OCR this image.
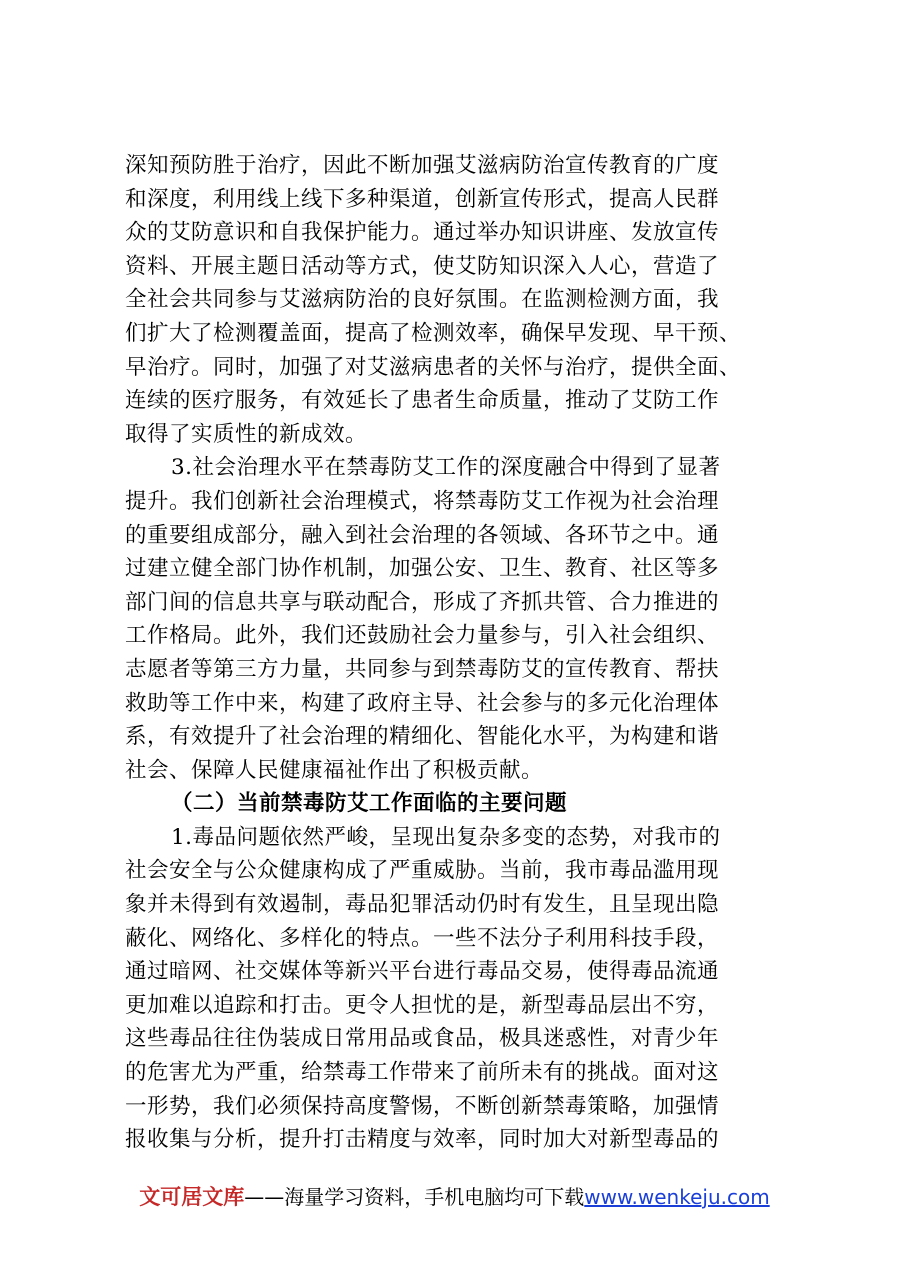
深知预防胜于治疗，因此不断加强艾滋病防治宣传教育的广度
和深度，利用线上线下多种渠道，创新宣传形式，提高人民群
众的艾防意识和自我保护能力。通过举办知识讲座、发放宣传
资料、开展主题日活动等方式，使艾防知识深入人心，营造了
全社会共同参与艾滋病防治的良好氛围。在监测检测方面，我
们扩大了检测覆盖面，提高了检测效率，确保早发现、早干预、
早治疗。同时，加强了对艾滋病患者的关怀与治疗，提供全面、
连续的医疗服务，有效延长了患者生命质量，推动了艾防工作
取得了实质性的新成效。
3.社会治理水平在禁毒防艾工作的深度融合中得到了显著
提升。我们创新社会治理模式，将禁毒防艾工作视为社会治理
的重要组成部分，融入到社会治理的各领域、各环节之中。通
过建立健全部门协作机制，加强公安、卫生、教育、社区等多
部门间的信息共享与联动配合，形成了齐抓共管、合力推进的
工作格局。此外，我们还鼓励社会力量参与，引入社会组织、
志愿者等第三方力量，共同参与到禁毒防艾的宣传教育、帮扶
救助等工作中来，构建了政府主导、社会参与的多元化治理体
系，有效提升了社会治理的精细化、智能化水平，为构建和谐
社会、保障人民健康福祉作出了积极贡献。
（二）当前禁毒防艾工作面临的主要问题
1.毒品问题依然严峻，呈现出复杂多变的态势，对我市的
社会安全与公众健康构成了严重威胁。当前，我市毒品滥用现
象并未得到有效遏制，毒品犯罪活动仍时有发生，且呈现出隐
蔽化、网络化、多样化的特点。一些不法分子利用科技手段，
通过暗网、社交媒体等新兴平台进行毒品交易，使得毒品流通
更加难以追踪和打击。更令人担忧的是，新型毒品层出不穷，
这些毒品往往伪装成日常用品或食品，极具迷惑性，对青少年
的危害尤为严重，给禁毒工作带来了前所未有的挑战。面对这
一形势，我们必须保持高度警惕，不断创新禁毒策略，加强情
报收集与分析，提升打击精度与效率，同时加大对新型毒品的
文可居文库——海量学习资料，手机电脑均可下载www.wenkeju.com
